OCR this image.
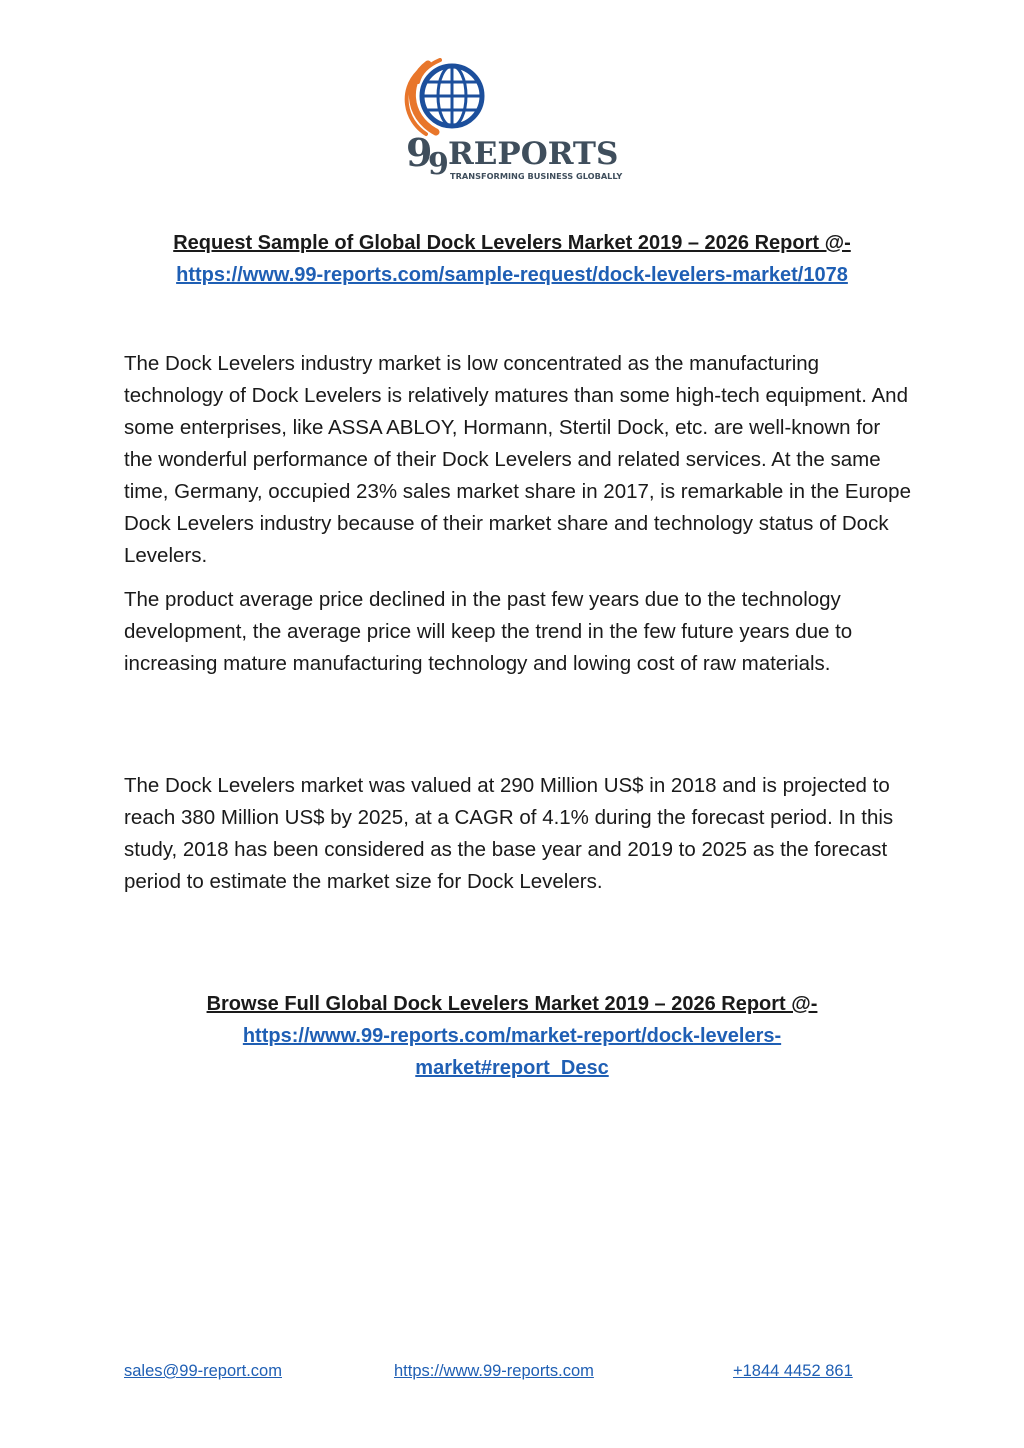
9
9 REPORTS
TRANSFORMING BUSINESS GLOBALLY
Request Sample of Global Dock Levelers Market 2019 – 2026 Report @-
https://www.99-reports.com/sample-request/dock-levelers-market/1078

The Dock Levelers industry market is low concentrated as the manufacturing technology of Dock Levelers is relatively matures than some high-tech equipment. And some enterprises, like ASSA ABLOY, Hormann, Stertil Dock, etc. are well-known for the wonderful performance of their Dock Levelers and related services. At the same time, Germany, occupied 23% sales market share in 2017, is remarkable in the Europe Dock Levelers industry because of their market share and technology status of Dock Levelers.

The product average price declined in the past few years due to the technology development, the average price will keep the trend in the few future years due to increasing mature manufacturing technology and lowing cost of raw materials.

The Dock Levelers market was valued at 290 Million US$ in 2018 and is projected to reach 380 Million US$ by 2025, at a CAGR of 4.1% during the forecast period. In this study, 2018 has been considered as the base year and 2019 to 2025 as the forecast period to estimate the market size for Dock Levelers.

Browse Full Global Dock Levelers Market 2019 – 2026 Report @-
https://www.99-reports.com/market-report/dock-levelers-
market#report_Desc
sales@99-report.com	https://www.99-reports.com	+1844 4452 861
